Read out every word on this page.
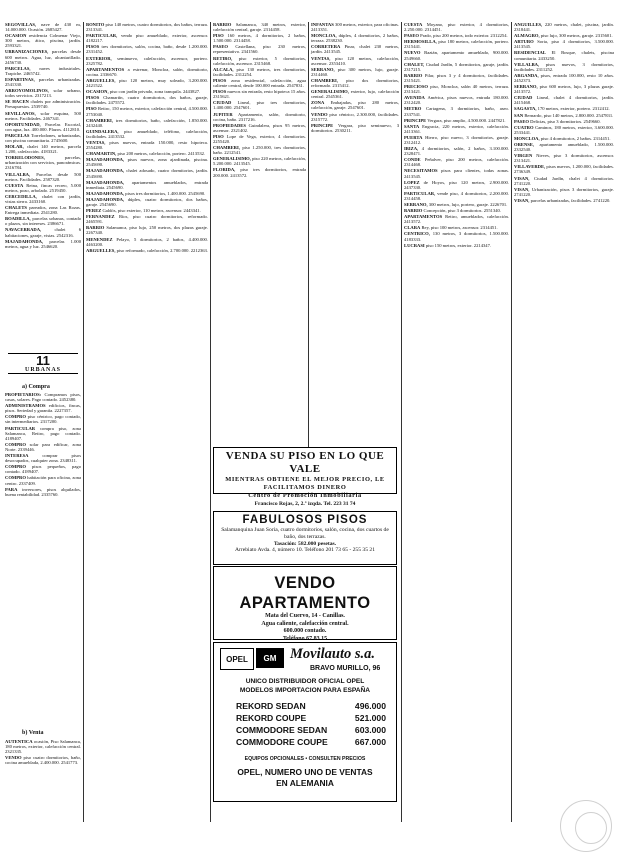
SEGOVILLAS, nave de 430 m, 14.000.000. Ocasión. 2685427.

OCASION residencia Colmenar Viejo, 300 metros, ático, piscina, jardín. 2593321.

URBANIZACIONES, parcelas desde 600 metros. Agua, luz, alcantarillado. 2456730.

PARCELAS, naves industriales. Trapiche. 2465742.

ESPARTINAS, parcelas urbanizadas. 2541330.

ARROYOMOLINOS, solar urbano, todos servicios. 2317213.

SE HACEN chalets por administración. Presupuestos. 2539740.

SEVILLANOS, solar esquina, 500 metros. Facilidades. 2467341.

OPORTUNIDAD, Parcelas Escorial, con agua, luz. 400.000. Plazos. 4112810.

PARCELAS Torrelodones, urbanizadas, con piscina comunitaria. 2745600.

MOLAR, chalet 140 metros, parcela 1.200, calefacción. 4183321.

TORRELODONES, parcelas, urbanización con servicios, panorámicas. 2316784.

VILLALBA, Parcelas desde 500 metros. Facilidades. 2587320.

CUESTA Reina, fincas recreo, 5.000 metros, pozo, arbolado. 2519450.

CERCEDILLA, chalet con jardín, vistas sierra. 2433160.

CHALETS pareados, zona Las Rozas. Entrega inmediata. 2541280.

BOADILLA, parcelas urbanas, contado o plazos, sin intereses. 2386671.

NAVACERRADA, chalet 6 habitaciones, garaje, vistas. 2542316.

MAJADAHONDA, parcelas 1.000 metros, agua y luz. 2546620.

11
URBANAS
a) Compra

PROPIETARIOS: Compramos pisos, casas, solares. Pago contado. 2452380.

ADMINISTRAMOS edificios, fincas, pisos. Seriedad y garantía. 2227357.

COMPRO piso céntrico, pago contado, sin intermediarios. 2317200.

PARTICULAR compra piso, zona Salamanca, Retiro, pago contado. 4189407.

COMPRO solar para edificar, zona Norte. 2339446.

INTERESA comprar pisos desocupados, cualquier zona. 2348311.

COMPRO pisos pequeños, pago contado. 4189407.

COMPRO habitación para oficina, zona centro. 2337409.

PARA inversores, pisos alquilados, buena rentabilidad. 2335760.

b) Venta

AUTENTICA ocasión, Piso Salamanca, 180 metros, exterior, calefacción central. 2321335.

VENDO piso cuatro dormitorios, baño, cocina amueblada, 2.400.000. 2541773.

BONITO piso 140 metros, cuatro dormitorios, dos baños, terraza. 2313341.

PARTICULAR, vendo piso amueblado, exterior, ascensor. 4182217.

PISOS tres dormitorios, salón, cocina, baño, desde 1.200.000. 2331452.

EXTERIOR, seminuevo, calefacción, ascensor, portero. 2325782.

APARTAMENTOS a estrenar, Moncloa, salón, dormitorio, cocina. 2336670.

ARGUELLES, piso 120 metros, muy soleado, 3.200.000. 2421522.

OCASION, piso con jardín privado, zona tranquila. 2443827.

PISOS Chamartín, cuatro dormitorios, dos baños, garaje, facilidades. 2475572.

PISO Retiro, 150 metros, exterior, calefacción central, 4.500.000. 2753040.

CHAMBERI, tres dormitorios, baño, calefacción, 1.850.000. 2432440.

GUINDALERA, piso amueblado, teléfono, calefacción, facilidades. 2413532.

VENTAS, pisos nuevos, entrada 150.000, resto hipoteca. 2554280.

CHAMARTIN, piso 200 metros, calefacción, portero. 2413532.

MAJADAHONDA, pisos nuevos, zona ajardinada, piscina. 2545690.

MAJADAHONDA, chalet adosado, cuatro dormitorios, jardín. 2545690.

MAJADAHONDA, apartamentos amueblados, entrada inmediata. 2545690.

MAJADAHONDA, pisos tres dormitorios, 1.400.000. 2545690.

MAJADAHONDA, dúplex, cuatro dormitorios, dos baños, garaje. 2545690.

PEREZ Galdós, piso exterior, 110 metros, ascensor. 2443341.

FERNANDEZ Ríos, piso cuatro dormitorios, reformado. 2465591.

BARRIO Salamanca, piso lujo, 250 metros, dos plazas garaje. 2267340.

MENENDEZ Pelayo, 5 dormitorios, 2 baños, 4.400.000. 4463200.

ARGUELLES, piso reformado, calefacción, 2.700.000. 2212363.

BARRIO Salamanca, 340 metros, exterior, calefacción central, garaje. 2314458.

PISO 160 metros, 4 dormitorios, 2 baños, 1.500.000. 2314458.

PASEO Castellana, piso 230 metros, representativo. 2341560.

RETIRO, piso exterior, 5 dormitorios, calefacción, ascensor. 2315468.

ALCALA, piso 130 metros, tres dormitorios, facilidades. 2312254.

PISOS zona residencial, calefacción, agua caliente central, desde 100.000 entrada. 2547831.

PISOS nuevos sin entrada, resto hipoteca 15 años. 2315621.

CIUDAD Lineal, piso tres dormitorios, 1.400.000. 2547601.

JUPITER Apartamento, salón, dormitorio, cocina, baño. 2317216.

PROPIEDADES Guindalera, pisos 95 metros, ascensor. 2321402.

PISO Lope de Vega, exterior, 4 dormitorios. 2255420.

CHAMBERI, piso 1.250.000, tres dormitorios, baño. 2212541.

GENERALISIMO, piso 220 metros, calefacción, 5.200.000. 2413545.

FLORIDA, piso tres dormitorios, entrada 200.000. 2413572.

INFANTAS 300 metros, exterior, para oficinas. 2413351.

MONCLOA, dúplex, 4 dormitorios, 2 baños, terraza. 2538230.

CORRETERA Pinar, chalet 230 metros, jardín. 2413545.

VENTAS, piso 120 metros, calefacción, ascensor. 2353410.

SERRANO, piso 300 metros, lujo, garaje. 2314460.

CHAMBERI, piso dos dormitorios, reformado. 2315412.

GENERALISIMO, exterior, lujo, calefacción central. 2545361.

ZONA Embajadas, piso 280 metros, calefacción, garaje. 2547601.

VENDO piso céntrico, 2.300.000, facilidades. 2315772.

PRINCIPE Vergara, piso seminuevo, 3 dormitorios. 2530211.

CUESTA Moyano, piso exterior, 4 dormitorios, 2.250.000. 2314451.

PASEO Prado, piso 200 metros, todo exterior. 2312254.

HERMOSILLA, piso 180 metros, calefacción, portero. 2315441.

NUEVO Baztán, apartamento amueblado, 900.000. 2549660.

CHALET, Ciudad Jardín, 5 dormitorios, garaje, jardín. 2317215.

BARRIO Pilar, pisos 3 y 4 dormitorios, facilidades. 2315421.

PRECIOSO piso, Moncloa, salón 40 metros, terraza. 2313421.

AVENIDA América, pisos nuevos, entrada 180.000. 2312420.

METRO Cartagena, 3 dormitorios, baño, aseo. 2337541.

PRINCIPE Vergara, piso amplio, 4.500.000. 2447821.

SANTA Engracia, 220 metros, exterior, calefacción. 2413361.

PUERTA Hierro, piso nuevo, 3 dormitorios, garaje. 2312412.

IBIZA, 4 dormitorios, salón, 2 baños, 3.100.000. 2328471.

CONDE Peñalver, piso 200 metros, calefacción. 2314468.

NECESITAMOS pisos para clientes, todas zonas. 2413545.

LOPEZ de Hoyos, piso 120 metros, 2.900.000. 2437330.

PARTICULAR, vende piso, 4 dormitorios, 2.200.000. 2314458.

SERRANO, 300 metros, lujo, portero, garaje. 2226701.

BARRIO Concepción, piso 3 dormitorios. 2551340.

APARTAMENTOS Retiro, amueblados, calefacción. 2413572.

CLARA Rey, piso 100 metros, ascensor. 2314451.

CENTRICO, 130 metros, 3 dormitorios, 1.500.000. 4183333.

LUCRASI piso 150 metros, exterior. 2214347.

ANGUILLES, 220 metros, chalet, piscina, jardín. 2318441.

ALMAGRO, piso lujo, 300 metros, garaje. 2315601.

ARTURO Soria, piso 4 dormitorios, 3.500.000. 2413545.

RESIDENCIAL El Bosque, chalets, piscina comunitaria. 2433250.

VILLALBA, pisos nuevos, 3 dormitorios, facilidades. 2311252.

ARGANDA, pisos, entrada 100.000, resto 10 años. 2452373.

SERRANO, piso 600 metros, lujo, 3 plazas garaje. 2413572.

CIUDAD Lineal, chalet 4 dormitorios, jardín. 2415468.

SAGASTA, 170 metros, exterior, portero. 2312412.

SAN Bernardo, piso 140 metros, 2.800.000. 2547831.

PASEO Delicias, piso 3 dormitorios. 2549660.

CUATRO Caminos, 180 metros, exterior, 3.600.000. 2533441.

MONCLOA, piso 4 dormitorios, 2 baños. 2314451.

ORENSE, apartamento amueblado, 1.500.000. 2332540.

VIRGEN Nieves, piso 3 dormitorios, ascensor. 2313421.

VILLAVERDE, pisos nuevos, 1.200.000, facilidades. 2736349.

VISAN, Ciudad Jardín, chalet 4 dormitorios. 2741220.

VISAN, Urbanización, pisos 3 dormitorios, garaje. 2741220.

VISAN, parcelas urbanizadas, facilidades. 2741220.

VENDA SU PISO EN LO QUE VALE
MIENTRAS OBTIENE EL MEJOR PRECIO, LE FACILITAMOS DINERO
Centro de Promoción Inmobiliaria
Francisco Rojas, 2, 2.º izqda. Tel. 223 31 74
FABULOSOS PISOS
Salamanquina Juan Soria, cuatro dormitorios, salón, cocina, dos cuartos de baño, dos terrazas.
Tasación: 582.000 pesetas.
Arrebiato Avda. 4, número 10. Teléfono 201 73 65 - 255 35 21
VENDO APARTAMENTO
Mata del Cuervo, 14 - Canillas.
Agua caliente, calefacción central.
600.000 contado.
Teléfono 67 83 15
OPEL	GM Movilauto s.a.
BRAVO MURILLO, 96
UNICO DISTRIBUIDOR OFICIAL OPEL
MODELOS IMPORTACION PARA ESPAÑA
REKORD SEDAN	496.000
REKORD COUPE	521.000
COMMODORE SEDAN	603.000
COMMODORE COUPE	667.000
EQUIPOS OPCIONALES • CONSULTEN PRECIOS
OPEL, NUMERO UNO DE VENTAS
EN ALEMANIA
